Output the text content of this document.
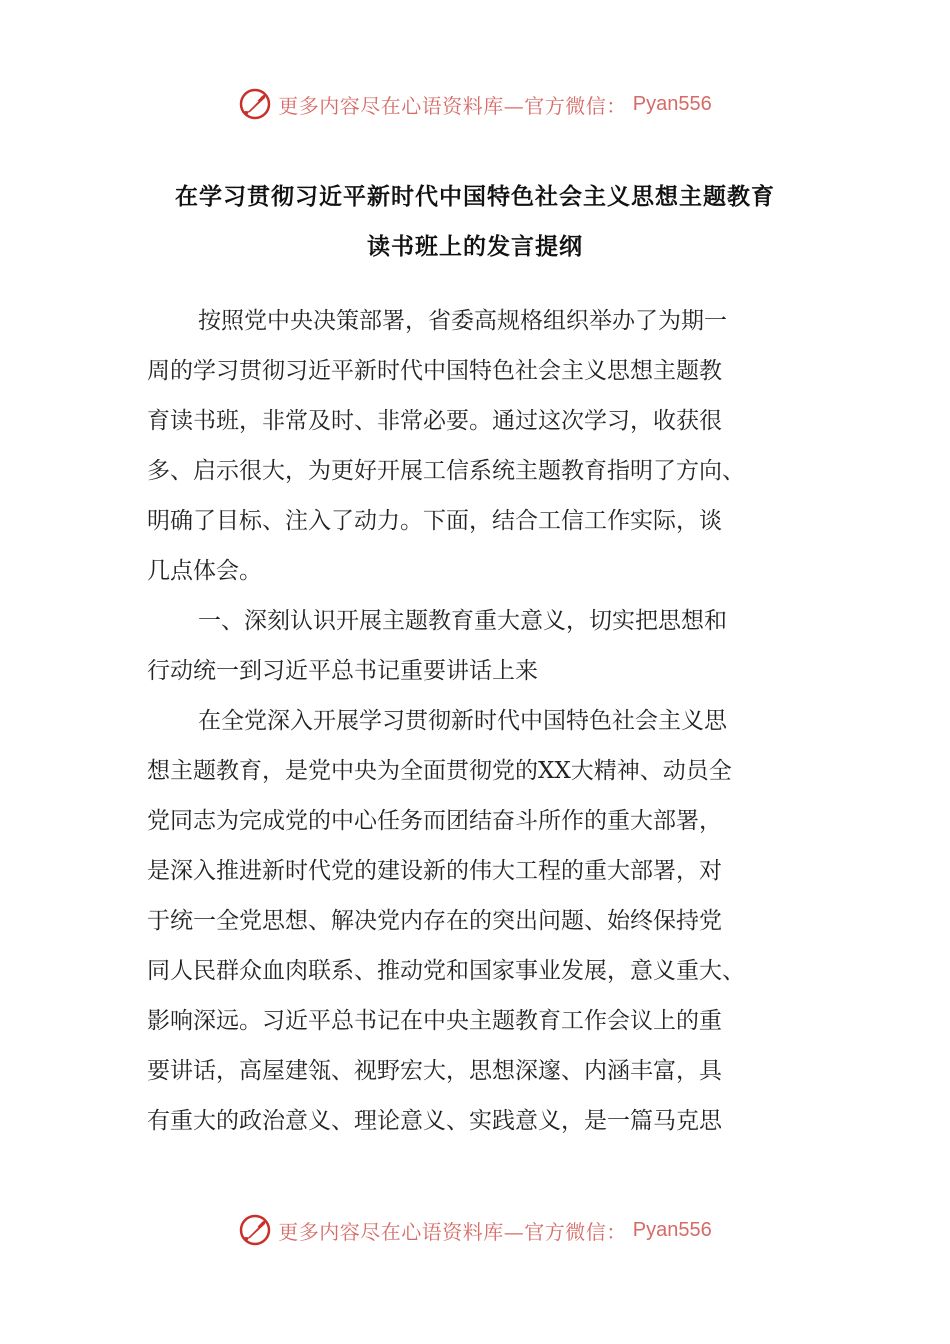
更多内容尽在心语资料库—官方微信： Pyan556
在学习贯彻习近平新时代中国特色社会主义思想主题教育
读书班上的发言提纲
按照党中央决策部署，省委高规格组织举办了为期一
周的学习贯彻习近平新时代中国特色社会主义思想主题教
育读书班，非常及时、非常必要。通过这次学习，收获很
多、启示很大，为更好开展工信系统主题教育指明了方向、
明确了目标、注入了动力。下面，结合工信工作实际，谈
几点体会。
一、深刻认识开展主题教育重大意义，切实把思想和
行动统一到习近平总书记重要讲话上来
在全党深入开展学习贯彻新时代中国特色社会主义思
想主题教育，是党中央为全面贯彻党的XX大精神、动员全
党同志为完成党的中心任务而团结奋斗所作的重大部署，
是深入推进新时代党的建设新的伟大工程的重大部署，对
于统一全党思想、解决党内存在的突出问题、始终保持党
同人民群众血肉联系、推动党和国家事业发展，意义重大、
影响深远。习近平总书记在中央主题教育工作会议上的重
要讲话，高屋建瓴、视野宏大，思想深邃、内涵丰富，具
有重大的政治意义、理论意义、实践意义，是一篇马克思
更多内容尽在心语资料库—官方微信： Pyan556
